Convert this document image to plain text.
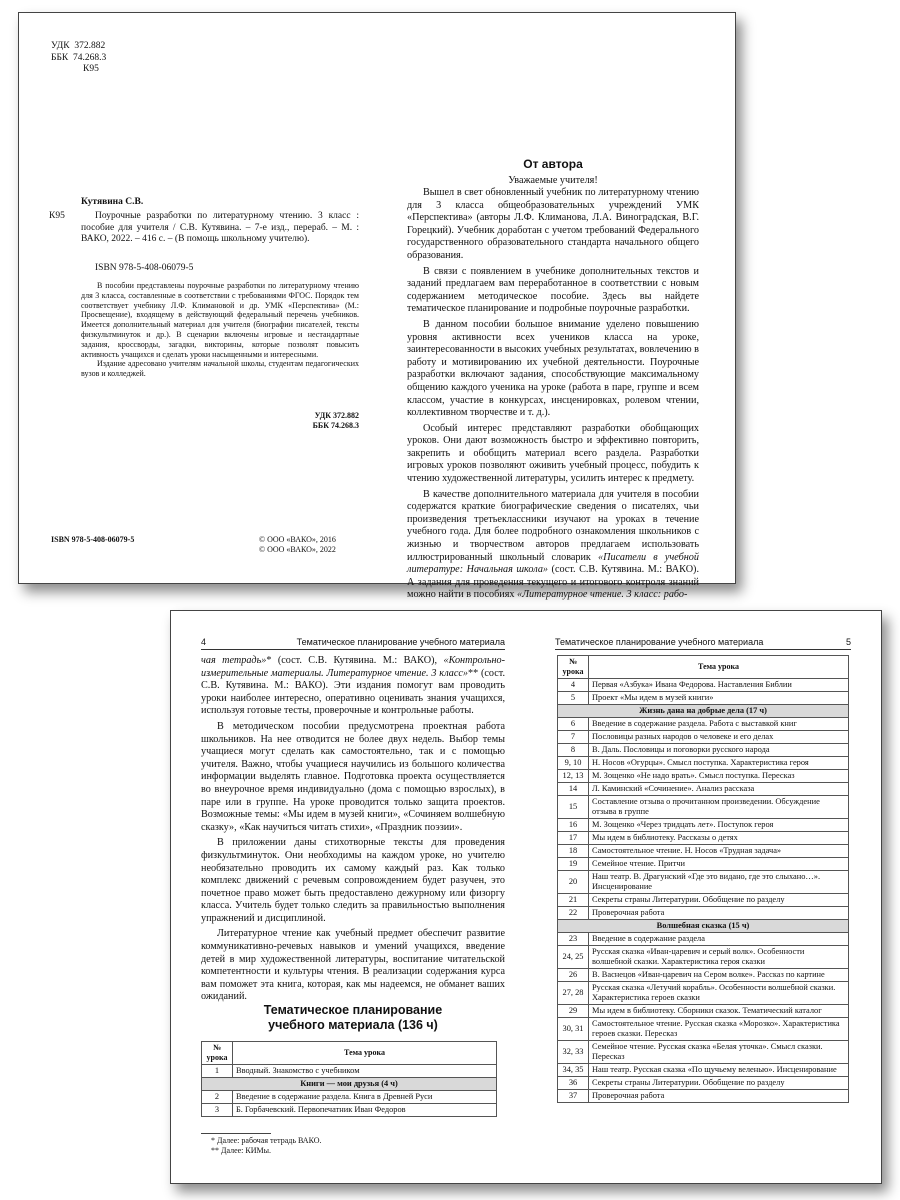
УДК 372.882
ББК 74.268.3
К95
Кутявина С.В.
К95	Поурочные разработки по литературному чтению. 3 класс : пособие для учителя / С.В. Кутявина. – 7-е изд., перераб. – М. : ВАКО, 2022. – 416 с. – (В помощь школьному учителю).
ISBN 978-5-408-06079-5

В пособии представлены поурочные разработки по литературному чтению для 3 класса, составленные в соответствии с требованиями ФГОС. Порядок тем соответствует учебнику Л.Ф. Климановой и др. УМК «Перспектива» (М.: Просвещение), входящему в действующий федеральный перечень учебников. Имеется дополнительный материал для учителя (биографии писателей, тексты физкультминуток и др.). В сценарии включены игровые и нестандартные задания, кроссворды, загадки, викторины, которые позволят повысить активность учащихся и сделать уроки насыщенными и интересными.

Издание адресовано учителям начальной школы, студентам педагогических вузов и колледжей.

УДК 372.882
ББК 74.268.3
ISBN 978-5-408-06079-5	© ООО «ВАКО», 2016
© ООО «ВАКО», 2022
От автора
Уважаемые учителя!

Вышел в свет обновленный учебник по литературному чтению для 3 класса общеобразовательных учреждений УМК «Перспектива» (авторы Л.Ф. Климанова, Л.А. Виноградская, В.Г. Горецкий). Учебник доработан с учетом требований Федерального государственного образовательного стандарта начального общего образования.

В связи с появлением в учебнике дополнительных текстов и заданий предлагаем вам переработанное в соответствии с новым содержанием методическое пособие. Здесь вы найдете тематическое планирование и подробные поурочные разработки.

В данном пособии большое внимание уделено повышению уровня активности всех учеников класса на уроке, заинтересованности в высоких учебных результатах, вовлечению в работу и мотивированию их учебной деятельности. Поурочные разработки включают задания, способствующие максимальному общению каждого ученика на уроке (работа в паре, группе и всем классом, участие в конкурсах, инсценировках, ролевом чтении, коллективном творчестве и т. д.).

Особый интерес представляют разработки обобщающих уроков. Они дают возможность быстро и эффективно повторить, закрепить и обобщить материал всего раздела. Разработки игровых уроков позволяют оживить учебный процесс, побудить к чтению художественной литературы, усилить интерес к предмету.

В качестве дополнительного материала для учителя в пособии содержатся краткие биографические сведения о писателях, чьи произведения третьеклассники изучают на уроках в течение учебного года. Для более подробного ознакомления школьников с жизнью и творчеством авторов предлагаем использовать иллюстрированный школьный словарик «Писатели в учебной литературе: Начальная школа» (сост. С.В. Кутявина. М.: ВАКО). А задания для проведения текущего и итогового контроля знаний можно найти в пособиях «Литературное чтение. 3 класс: рабо-

4	Тематическое планирование учебного материала

чая тетрадь»* (сост. С.В. Кутявина. М.: ВАКО), «Контрольно-измерительные материалы. Литературное чтение. 3 класс»** (сост. С.В. Кутявина. М.: ВАКО). Эти издания помогут вам проводить уроки наиболее интересно, оперативно оценивать знания учащихся, используя готовые тесты, проверочные и контрольные работы.

В методическом пособии предусмотрена проектная работа школьников. На нее отводится не более двух недель. Выбор темы учащиеся могут сделать как самостоятельно, так и с помощью учителя. Важно, чтобы учащиеся научились из большого количества информации выделять главное. Подготовка проекта осуществляется во внеурочное время индивидуально (дома с помощью взрослых), в паре или в группе. На уроке проводится только защита проектов. Возможные темы: «Мы идем в музей книги», «Сочиняем волшебную сказку», «Как научиться читать стихи», «Праздник поэзии».

В приложении даны стихотворные тексты для проведения физкультминуток. Они необходимы на каждом уроке, но учителю необязательно проводить их самому каждый раз. Как только комплекс движений с речевым сопровождением будет разучен, это почетное право может быть предоставлено дежурному или физоргу класса. Учитель будет только следить за правильностью выполнения упражнений и дисциплиной.

Литературное чтение как учебный предмет обеспечит развитие коммуникативно-речевых навыков и умений учащихся, введение детей в мир художественной литературы, воспитание читательской компетентности и культуры чтения. В реализации содержания курса вам поможет эта книга, которая, как мы надеемся, не обманет ваших ожиданий.

Тематическое планирование
учебного материала (136 ч)
№ урока	Тема урока
1	Вводный. Знакомство с учебником
Книги — мои друзья (4 ч)	
2	Введение в содержание раздела. Книга в Древней Руси
3	Б. Горбачевский. Первопечатник Иван Федоров
* Далее: рабочая тетрадь ВАКО.
** Далее: КИМы.
Тематическое планирование учебного материала	5
№ урока	Тема урока
4	Первая «Азбука» Ивана Федорова. Наставления Библии
5	Проект «Мы идем в музей книги»
Жизнь дана на добрые дела (17 ч)	
6	Введение в содержание раздела. Работа с выставкой книг
7	Пословицы разных народов о человеке и его делах
8	В. Даль. Пословицы и поговорки русского народа
9, 10	Н. Носов «Огурцы». Смысл поступка. Характеристика героя
12, 13	М. Зощенко «Не надо врать». Смысл поступка. Пересказ
14	Л. Каминский «Сочинение». Анализ рассказа
15	Составление отзыва о прочитанном произведении. Обсуждение отзыва в группе
16	М. Зощенко «Через тридцать лет». Поступок героя
17	Мы идем в библиотеку. Рассказы о детях
18	Самостоятельное чтение. Н. Носов «Трудная задача»
19	Семейное чтение. Притчи
20	Наш театр. В. Драгунский «Где это видано, где это слыхано…». Инсценирование
21	Секреты страны Литературии. Обобщение по разделу
22	Проверочная работа
Волшебная сказка (15 ч)	
23	Введение в содержание раздела
24, 25	Русская сказка «Иван-царевич и серый волк». Особенности волшебной сказки. Характеристика героя сказки
26	В. Васнецов «Иван-царевич на Сером волке». Рассказ по картине
27, 28	Русская сказка «Летучий корабль». Особенности волшебной сказки. Характеристика героев сказки
29	Мы идем в библиотеку. Сборники сказок. Тематический каталог
30, 31	Самостоятельное чтение. Русская сказка «Морозко». Характеристика героев сказки. Пересказ
32, 33	Семейное чтение. Русская сказка «Белая уточка». Смысл сказки. Пересказ
34, 35	Наш театр. Русская сказка «По щучьему веленью». Инсценирование
36	Секреты страны Литературии. Обобщение по разделу
37	Проверочная работа
